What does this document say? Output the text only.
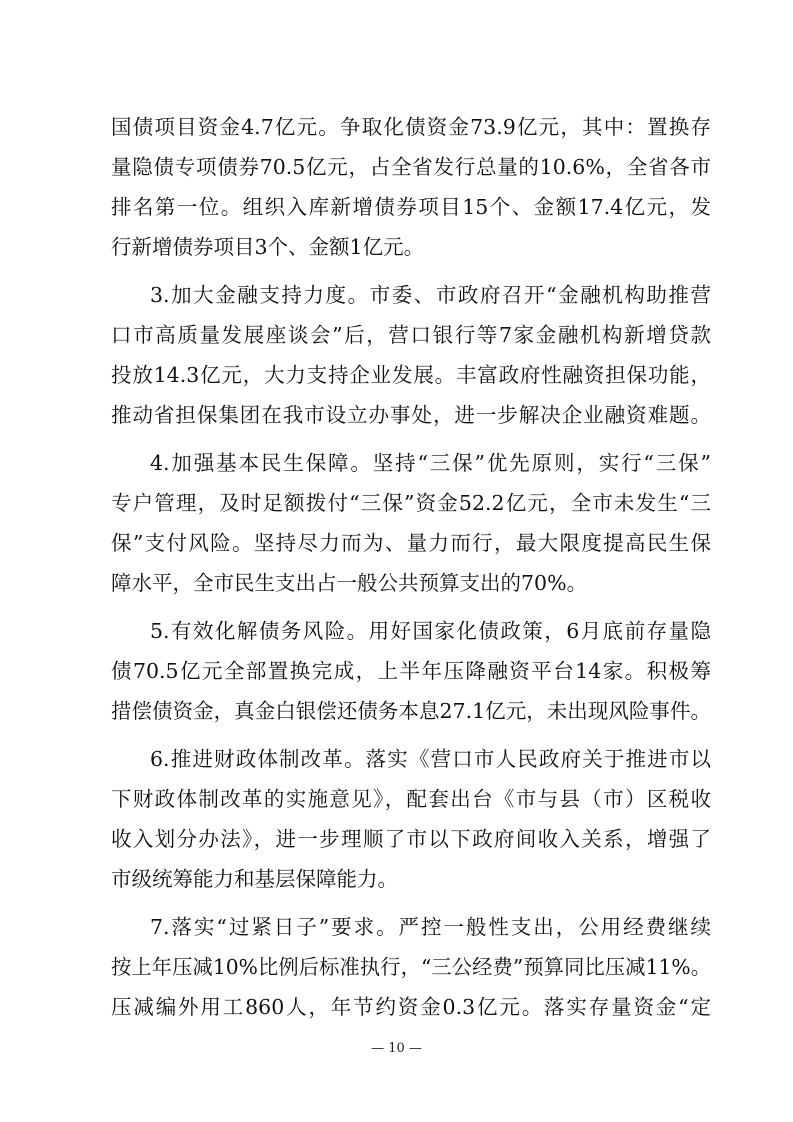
国债项目资金4.7亿元。争取化债资金73.9亿元，其中：置换存
量隐债专项债券70.5亿元，占全省发行总量的10.6%，全省各市
排名第一位。组织入库新增债券项目15个、金额17.4亿元，发
行新增债券项目3个、金额1亿元。
3.加大金融支持力度。市委、市政府召开“金融机构助推营
口市高质量发展座谈会”后，营口银行等7家金融机构新增贷款
投放14.3亿元，大力支持企业发展。丰富政府性融资担保功能，
推动省担保集团在我市设立办事处，进一步解决企业融资难题。
4.加强基本民生保障。坚持“三保”优先原则，实行“三保”
专户管理，及时足额拨付“三保”资金52.2亿元，全市未发生“三
保”支付风险。坚持尽力而为、量力而行，最大限度提高民生保
障水平，全市民生支出占一般公共预算支出的70%。
5.有效化解债务风险。用好国家化债政策，6月底前存量隐
债70.5亿元全部置换完成，上半年压降融资平台14家。积极筹
措偿债资金，真金白银偿还债务本息27.1亿元，未出现风险事件。
6.推进财政体制改革。落实《营口市人民政府关于推进市以
下财政体制改革的实施意见》，配套出台《市与县（市）区税收
收入划分办法》，进一步理顺了市以下政府间收入关系，增强了
市级统筹能力和基层保障能力。
7.落实“过紧日子”要求。严控一般性支出，公用经费继续
按上年压减10%比例后标准执行，“三公经费”预算同比压减11%。
压减编外用工860人，年节约资金0.3亿元。落实存量资金“定
— 10 —
